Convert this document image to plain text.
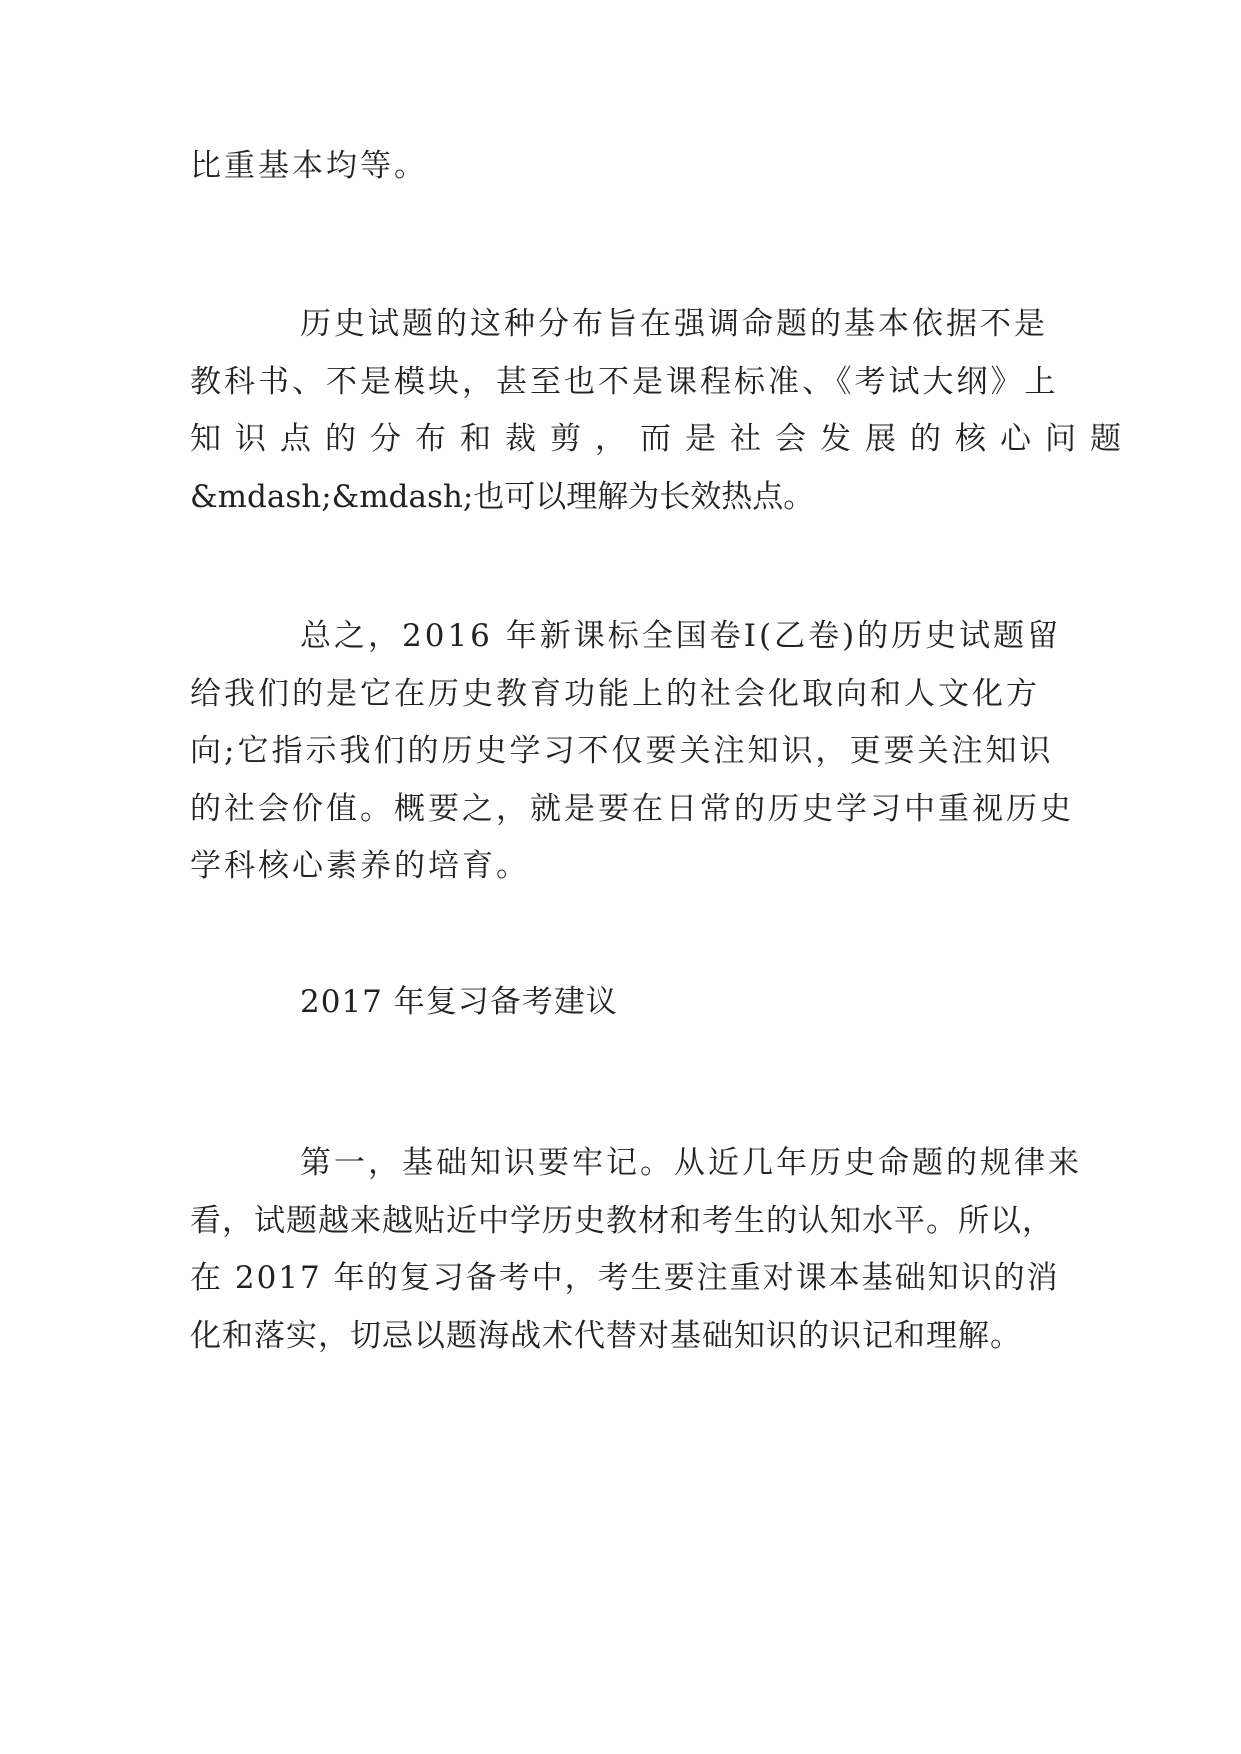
比重基本均等。

历史试题的这种分布旨在强调命题的基本依据不是
教科书、不是模块，甚至也不是课程标准、《考试大纲》上
知识点的分布和裁剪，而是社会发展的核心问题
&mdash;&mdash;也可以理解为长效热点。

总之，2016 年新课标全国卷Ⅰ(乙卷)的历史试题留
给我们的是它在历史教育功能上的社会化取向和人文化方
向;它指示我们的历史学习不仅要关注知识，更要关注知识
的社会价值。概要之，就是要在日常的历史学习中重视历史
学科核心素养的培育。

2017 年复习备考建议

第一，基础知识要牢记。从近几年历史命题的规律来
看，试题越来越贴近中学历史教材和考生的认知水平。所以，
在 2017 年的复习备考中，考生要注重对课本基础知识的消
化和落实，切忌以题海战术代替对基础知识的识记和理解。
